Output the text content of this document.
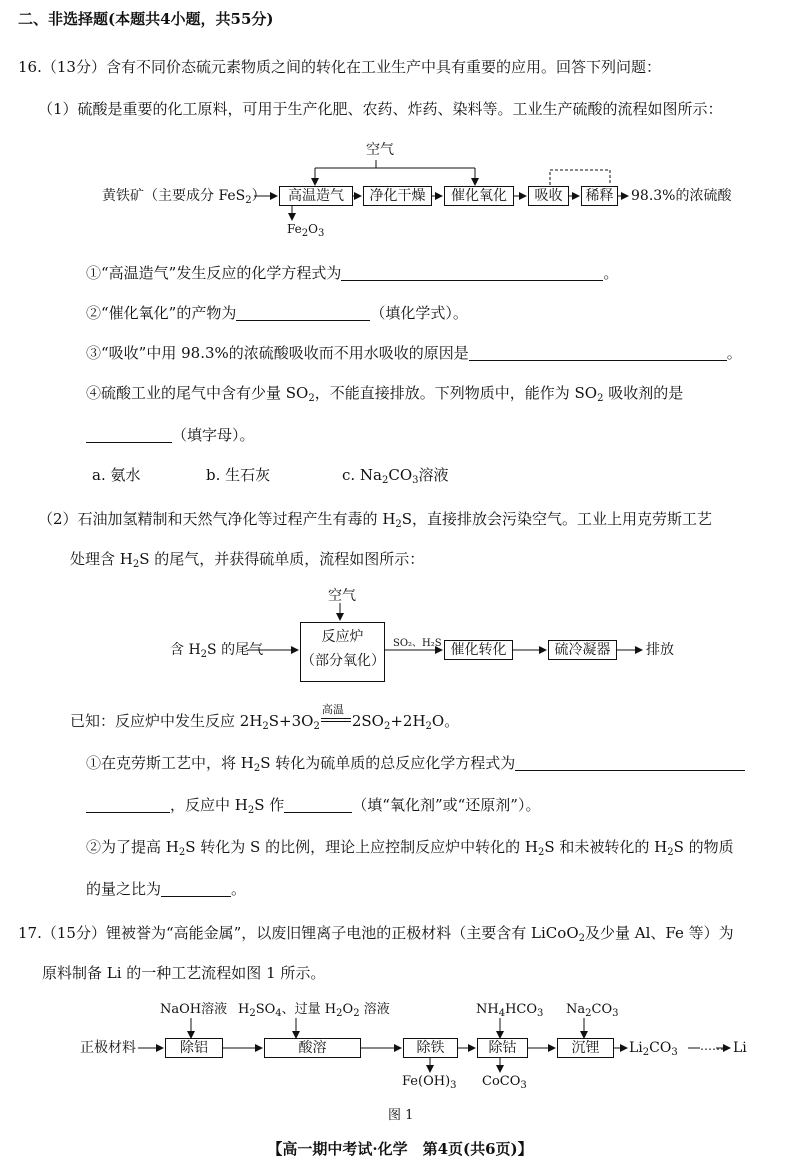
二、非选择题(本题共4小题，共55分)
16.（13分）含有不同价态硫元素物质之间的转化在工业生产中具有重要的应用。回答下列问题：
（1）硫酸是重要的化工原料，可用于生产化肥、农药、炸药、染料等。工业生产硫酸的流程如图所示：
空气
黄铁矿（主要成分 FeS$_2$）	高温造气	净化干燥	催化氧化	吸收	稀释	98.3%的浓硫酸
$Fe_2O_3$
①“高温造气”发生反应的化学方程式为	。
②“催化氧化”的产物为	（填化学式）。
③“吸收”中用 98.3%的浓硫酸吸收而不用水吸收的原因是	。
④硫酸工业的尾气中含有少量 $SO_2$，不能直接排放。下列物质中，能作为 $SO_2$ 吸收剂的是
（填字母）。
a. 氨水	b. 生石灰	c. $Na_2CO_3$溶液
（2）石油加氢精制和天然气净化等过程产生有毒的 $H_2S$，直接排放会污染空气。工业上用克劳斯工艺
处理含 $H_2S$ 的尾气，并获得硫单质，流程如图所示：
空气
含 $H_2S$ 的尾气
反应炉
（部分氧化）
SO₂、H₂S 催化转化	硫冷凝器	排放
已知：反应炉中发生反应 $2H_2S+3O_2$
高温
$2SO_2+2H_2O$。
①在克劳斯工艺中，将 $H_2S$ 转化为硫单质的总反应化学方程式为
，反应中 $H_2S$ 作	（填“氧化剂”或“还原剂”）。
②为了提高 $H_2S$ 转化为 S 的比例，理论上应控制反应炉中转化的 $H_2S$ 和未被转化的 $H_2S$ 的物质
的量之比为	。
17.（15分）锂被誉为“高能金属”，以废旧锂离子电池的正极材料（主要含有 LiCoO$_2$及少量 Al、Fe 等）为
原料制备 Li 的一种工艺流程如图 1 所示。
NaOH溶液 $H_2SO_4$、过量 $H_2O_2$ 溶液	$NH_4HCO_3$ $Na_2CO_3$
正极材料	除铝	酸溶	除铁	除钴	沉锂	$Li_2CO_3$ …… Li
$Fe(OH)_3$ CoCO$_3$
图 1
【高一期中考试·化学　第4页(共6页)】
